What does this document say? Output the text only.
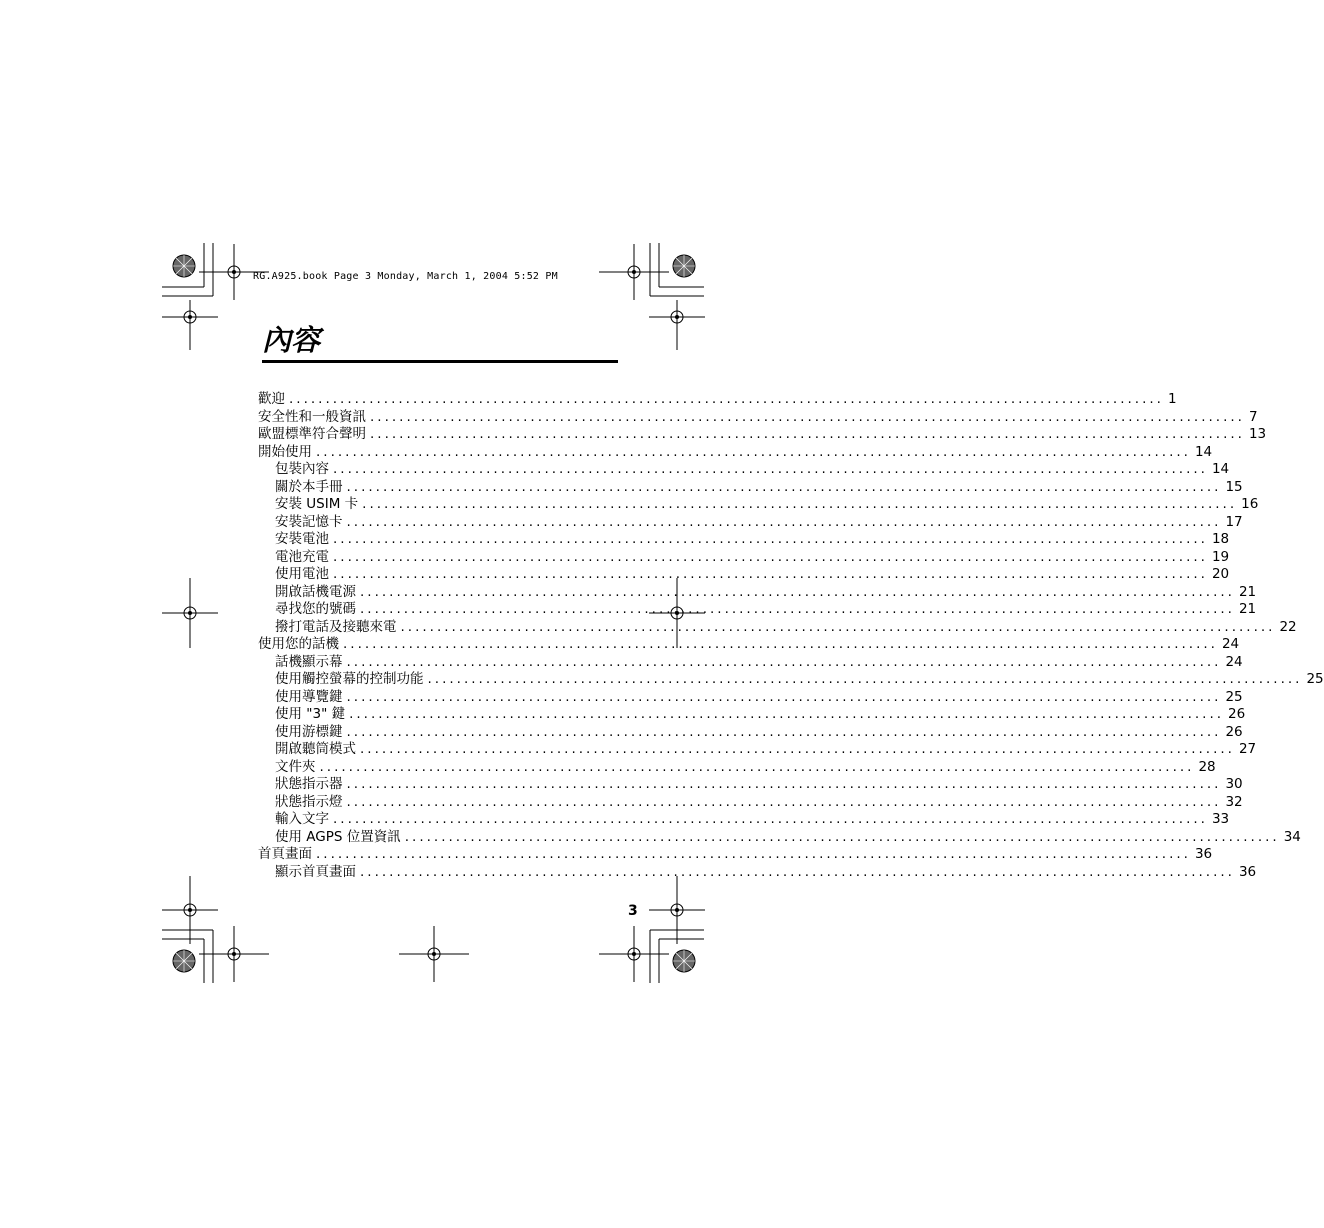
RG.A925.book Page 3 Monday, March 1, 2004 5:52 PM
內容
歡迎 ........................................................................................................................ 1
安全性和一般資訊 ........................................................................................................................ 7
歐盟標準符合聲明 ........................................................................................................................ 13
開始使用 ........................................................................................................................ 14
包裝內容 ........................................................................................................................ 14
關於本手冊 ........................................................................................................................ 15
安裝 USIM 卡 ........................................................................................................................ 16
安裝記憶卡 ........................................................................................................................ 17
安裝電池 ........................................................................................................................ 18
電池充電 ........................................................................................................................ 19
使用電池 ........................................................................................................................ 20
開啟話機電源 ........................................................................................................................ 21
尋找您的號碼 ........................................................................................................................ 21
撥打電話及接聽來電 ........................................................................................................................ 22
使用您的話機 ........................................................................................................................ 24
話機顯示幕 ........................................................................................................................ 24
使用觸控螢幕的控制功能 ........................................................................................................................ 25
使用導覽鍵 ........................................................................................................................ 25
使用 "3" 鍵 ........................................................................................................................ 26
使用游標鍵 ........................................................................................................................ 26
開啟聽筒模式 ........................................................................................................................ 27
文件夾 ........................................................................................................................ 28
狀態指示器 ........................................................................................................................ 30
狀態指示燈 ........................................................................................................................ 32
輸入文字 ........................................................................................................................ 33
使用 AGPS 位置資訊 ........................................................................................................................ 34
首頁畫面 ........................................................................................................................ 36
顯示首頁畫面 ........................................................................................................................ 36
3
